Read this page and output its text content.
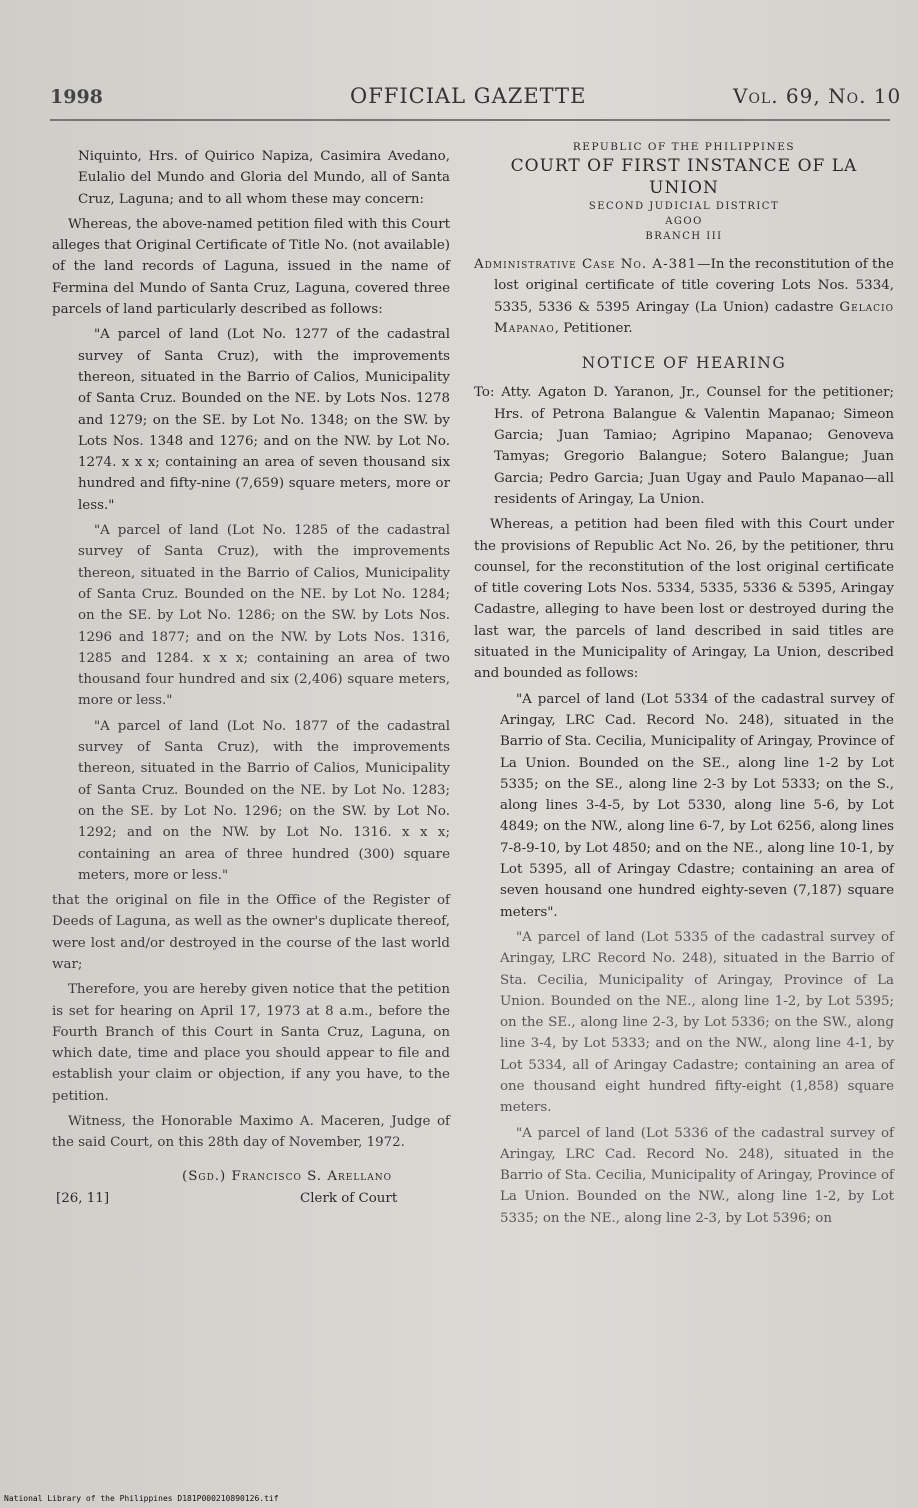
1998	OFFICIAL GAZETTE	Vol. 69, No. 10

Niquinto, Hrs. of Quirico Napiza, Casimira Avedano, Eulalio del Mundo and Gloria del Mundo, all of Santa Cruz, Laguna; and to all whom these may concern:

Whereas, the above-named petition filed with this Court alleges that Original Certificate of Title No. (not available) of the land records of Laguna, issued in the name of Fermina del Mundo of Santa Cruz, Laguna, covered three parcels of land particularly described as follows:

"A parcel of land (Lot No. 1277 of the cadastral survey of Santa Cruz), with the improvements thereon, situated in the Barrio of Calios, Municipality of Santa Cruz. Bounded on the NE. by Lots Nos. 1278 and 1279; on the SE. by Lot No. 1348; on the SW. by Lots Nos. 1348 and 1276; and on the NW. by Lot No. 1274. x x x; containing an area of seven thousand six hundred and fifty-nine (7,659) square meters, more or less."

"A parcel of land (Lot No. 1285 of the cadastral survey of Santa Cruz), with the improvements thereon, situated in the Barrio of Calios, Municipality of Santa Cruz. Bounded on the NE. by Lot No. 1284; on the SE. by Lot No. 1286; on the SW. by Lots Nos. 1296 and 1877; and on the NW. by Lots Nos. 1316, 1285 and 1284. x x x; containing an area of two thousand four hundred and six (2,406) square meters, more or less."

"A parcel of land (Lot No. 1877 of the cadastral survey of Santa Cruz), with the improvements thereon, situated in the Barrio of Calios, Municipality of Santa Cruz. Bounded on the NE. by Lot No. 1283; on the SE. by Lot No. 1296; on the SW. by Lot No. 1292; and on the NW. by Lot No. 1316. x x x; containing an area of three hundred (300) square meters, more or less."

that the original on file in the Office of the Register of Deeds of Laguna, as well as the owner's duplicate thereof, were lost and/or destroyed in the course of the last world war;

Therefore, you are hereby given notice that the petition is set for hearing on April 17, 1973 at 8 a.m., before the Fourth Branch of this Court in Santa Cruz, Laguna, on which date, time and place you should appear to file and establish your claim or objection, if any you have, to the petition.

Witness, the Honorable Maximo A. Maceren, Judge of the said Court, on this 28th day of November, 1972.

(Sgd.) Francisco S. Arellano
[26, 11]	Clerk of Court

REPUBLIC OF THE PHILIPPINES

COURT OF FIRST INSTANCE OF LA UNION

SECOND JUDICIAL DISTRICT

AGOO

BRANCH III

Administrative Case No. A-381—In the reconstitution of the lost original certificate of title covering Lots Nos. 5334, 5335, 5336 & 5395 Aringay (La Union) cadastre Gelacio Mapanao, Petitioner.

NOTICE OF HEARING

To: Atty. Agaton D. Yaranon, Jr., Counsel for the petitioner; Hrs. of Petrona Balangue & Valentin Mapanao; Simeon Garcia; Juan Tamiao; Agripino Mapanao; Genoveva Tamyas; Gregorio Balangue; Sotero Balangue; Juan Garcia; Pedro Garcia; Juan Ugay and Paulo Mapanao—all residents of Aringay, La Union.

Whereas, a petition had been filed with this Court under the provisions of Republic Act No. 26, by the petitioner, thru counsel, for the reconstitution of the lost original certificate of title covering Lots Nos. 5334, 5335, 5336 & 5395, Aringay Cadastre, alleging to have been lost or destroyed during the last war, the parcels of land described in said titles are situated in the Municipality of Aringay, La Union, described and bounded as follows:

"A parcel of land (Lot 5334 of the cadastral survey of Aringay, LRC Cad. Record No. 248), situated in the Barrio of Sta. Cecilia, Municipality of Aringay, Province of La Union. Bounded on the SE., along line 1-2 by Lot 5335; on the SE., along line 2-3 by Lot 5333; on the S., along lines 3-4-5, by Lot 5330, along line 5-6, by Lot 4849; on the NW., along line 6-7, by Lot 6256, along lines 7-8-9-10, by Lot 4850; and on the NE., along line 10-1, by Lot 5395, all of Aringay Cdastre; containing an area of seven housand one hundred eighty-seven (7,187) square meters".

"A parcel of land (Lot 5335 of the cadastral survey of Aringay, LRC Record No. 248), situated in the Barrio of Sta. Cecilia, Municipality of Aringay, Province of La Union. Bounded on the NE., along line 1-2, by Lot 5395; on the SE., along line 2-3, by Lot 5336; on the SW., along line 3-4, by Lot 5333; and on the NW., along line 4-1, by Lot 5334, all of Aringay Cadastre; containing an area of one thousand eight hundred fifty-eight (1,858) square meters.

"A parcel of land (Lot 5336 of the cadastral survey of Aringay, LRC Cad. Record No. 248), situated in the Barrio of Sta. Cecilia, Municipality of Aringay, Province of La Union. Bounded on the NW., along line 1-2, by Lot 5335; on the NE., along line 2-3, by Lot 5396; on

National Library of the Philippines D181P000210890126.tif
